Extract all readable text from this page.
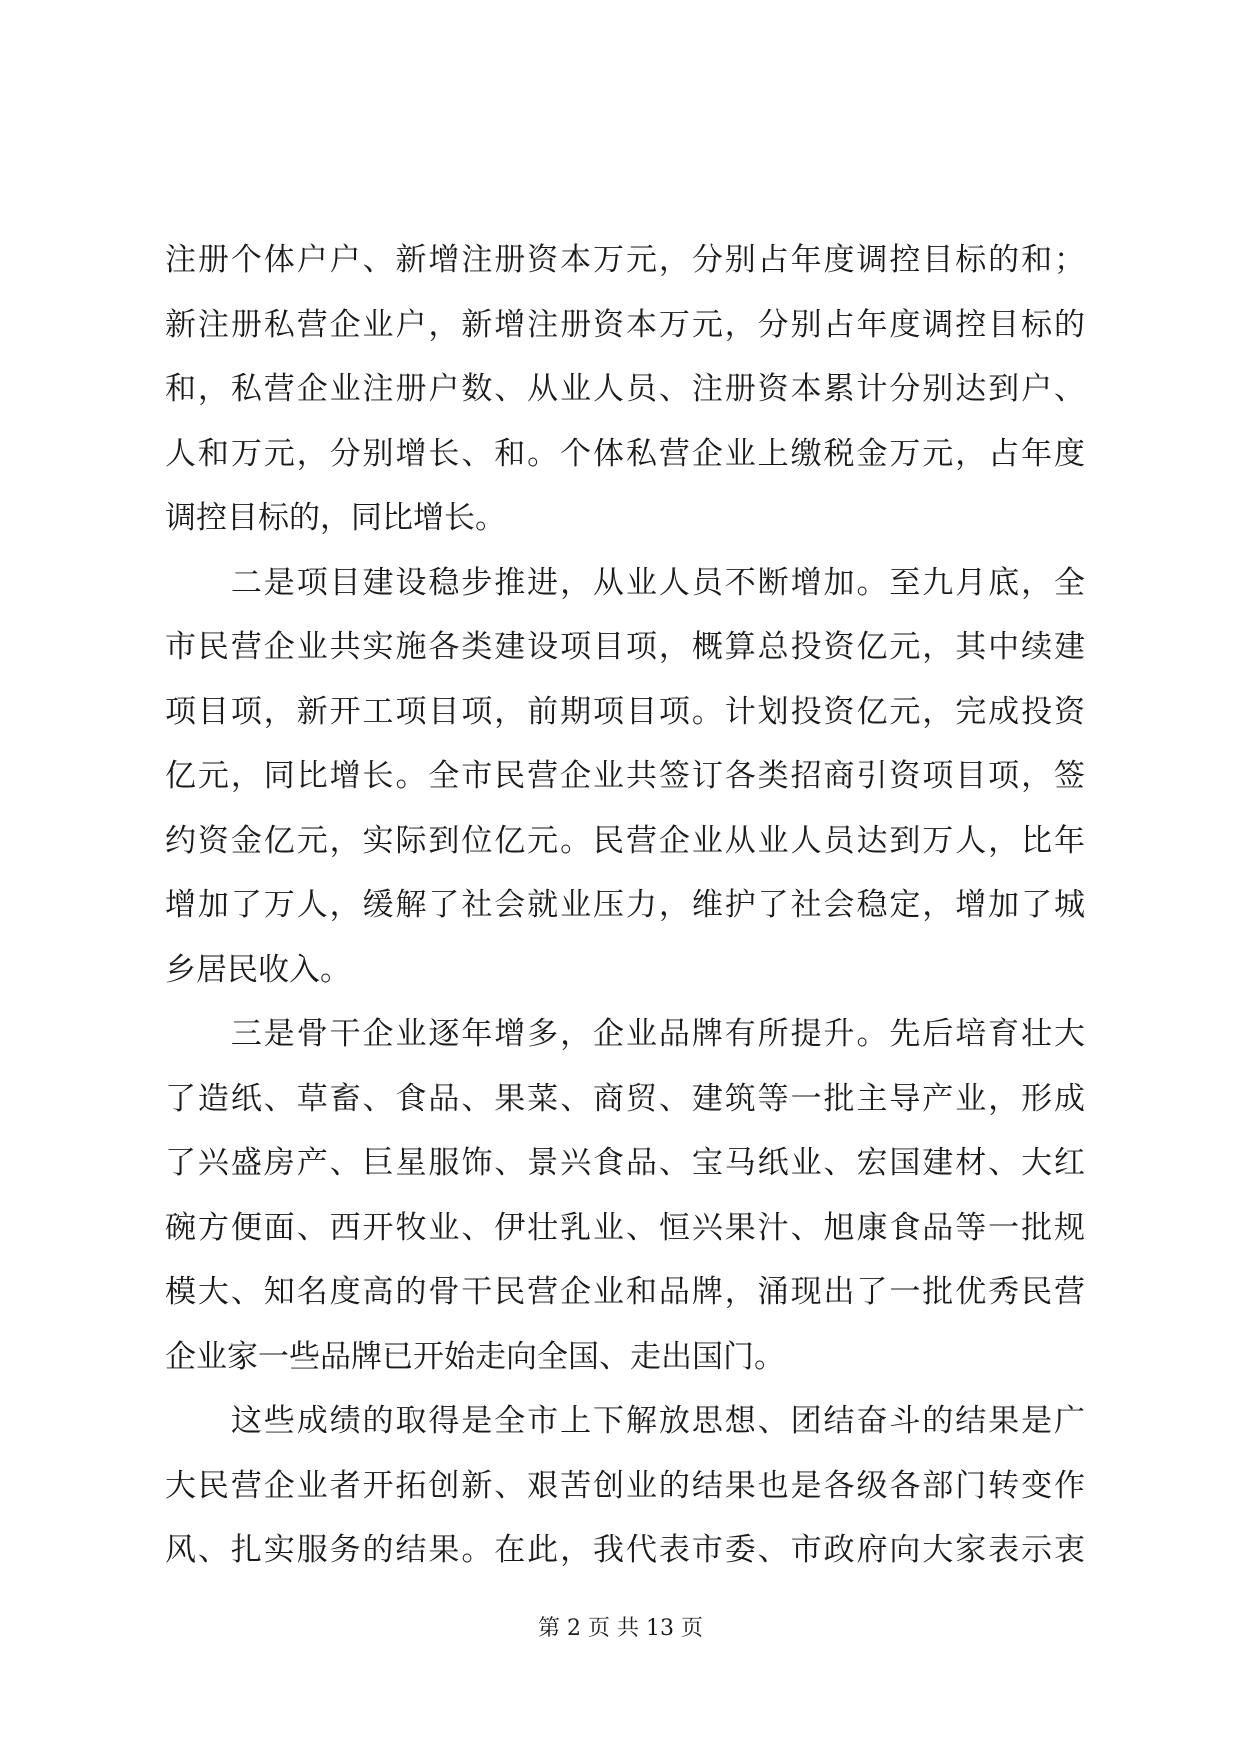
注册个体户户、新增注册资本万元，分别占年度调控目标的和；
新注册私营企业户，新增注册资本万元，分别占年度调控目标的
和，私营企业注册户数、从业人员、注册资本累计分别达到户、
人和万元，分别增长、和。个体私营企业上缴税金万元，占年度
调控目标的，同比增长。
　　二是项目建设稳步推进，从业人员不断增加。至九月底，全
市民营企业共实施各类建设项目项，概算总投资亿元，其中续建
项目项，新开工项目项，前期项目项。计划投资亿元，完成投资
亿元，同比增长。全市民营企业共签订各类招商引资项目项，签
约资金亿元，实际到位亿元。民营企业从业人员达到万人，比年
增加了万人，缓解了社会就业压力，维护了社会稳定，增加了城
乡居民收入。
　　三是骨干企业逐年增多，企业品牌有所提升。先后培育壮大
了造纸、草畜、食品、果菜、商贸、建筑等一批主导产业，形成
了兴盛房产、巨星服饰、景兴食品、宝马纸业、宏国建材、大红
碗方便面、西开牧业、伊壮乳业、恒兴果汁、旭康食品等一批规
模大、知名度高的骨干民营企业和品牌，涌现出了一批优秀民营
企业家一些品牌已开始走向全国、走出国门。
　　这些成绩的取得是全市上下解放思想、团结奋斗的结果是广
大民营企业者开拓创新、艰苦创业的结果也是各级各部门转变作
风、扎实服务的结果。在此，我代表市委、市政府向大家表示衷
第 2 页 共 13 页
